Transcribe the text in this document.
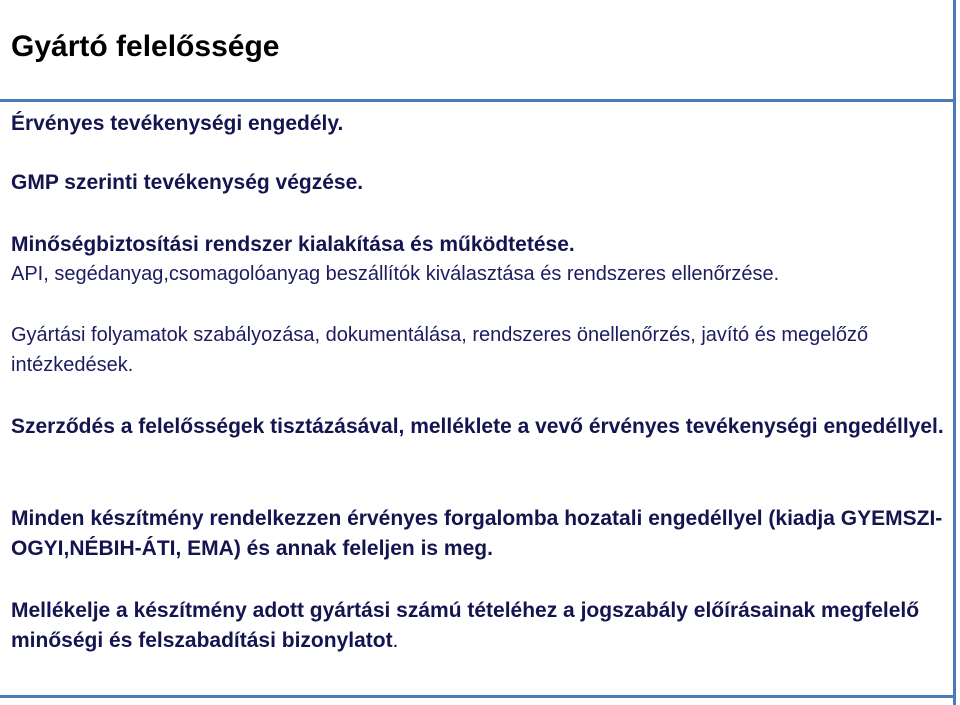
Gyártó felelőssége

Érvényes tevékenységi engedély.

GMP szerinti tevékenység végzése.

Minőségbiztosítási rendszer kialakítása és működtetése.

API, segédanyag,csomagolóanyag beszállítók kiválasztása és rendszeres ellenőrzése.

Gyártási folyamatok szabályozása, dokumentálása, rendszeres önellenőrzés, javító és megelőző intézkedések.

Szerződés a felelősségek tisztázásával, melléklete a vevő érvényes tevékenységi engedéllyel.

Minden készítmény rendelkezzen érvényes forgalomba hozatali engedéllyel (kiadja GYEMSZI-OGYI,NÉBIH-ÁTI, EMA) és annak feleljen is meg.

Mellékelje a készítmény adott gyártási számú tételéhez a jogszabály előírásainak megfelelő minőségi és felszabadítási bizonylatot.
